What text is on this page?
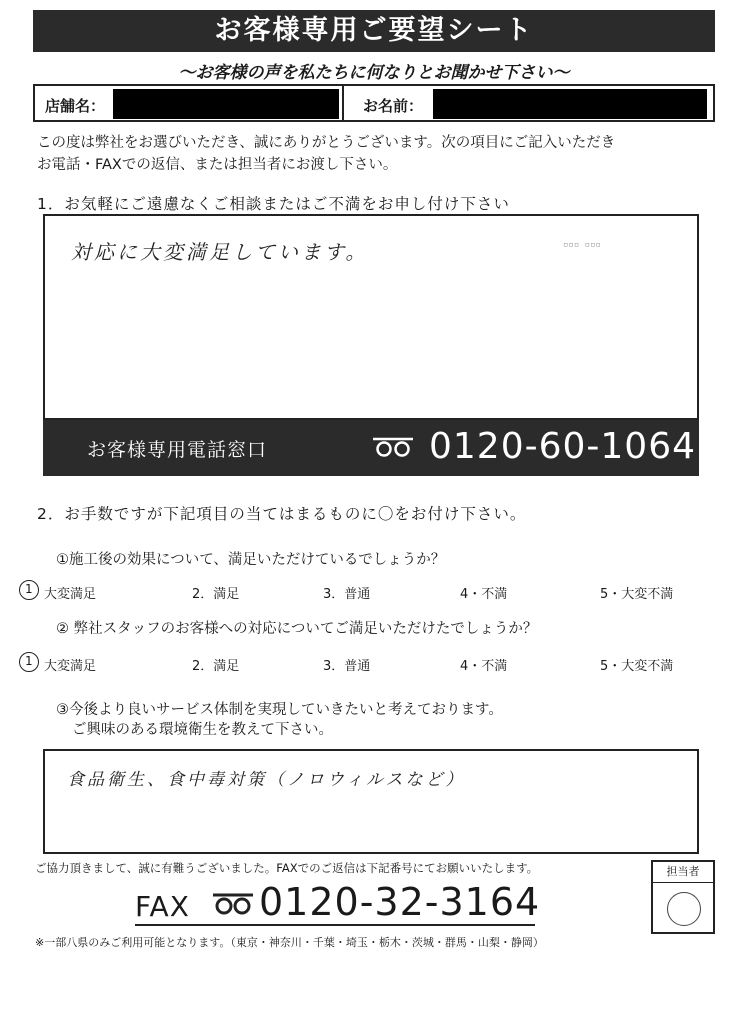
お客様専用ご要望シート
～お客様の声を私たちに何なりとお聞かせ下さい～
店舗名：	お名前：
この度は弊社をお選びいただき、誠にありがとうございます。次の項目にご記入いただき
お電話・FAXでの返信、または担当者にお渡し下さい。
1．お気軽にご遠慮なくご相談またはご不満をお申し付け下さい
対応に大変満足しています。	▫▫▫ ▫▫▫
お客様専用電話窓口	0120-60-1064
2．お手数ですが下記項目の当てはまるものに〇をお付け下さい。
①施工後の効果について、満足いただけているでしょうか？
1 大変満足	2．満足	3．普通	4・不満	5・大変不満
② 弊社スタッフのお客様への対応についてご満足いただけたでしょうか？
1 大変満足	2．満足	3．普通	4・不満	5・大変不満
③今後より良いサービス体制を実現していきたいと考えております。
ご興味のある環境衛生を教えて下さい。
食品衛生、食中毒対策（ノロウィルスなど）
ご協力頂きまして、誠に有難うございました。FAXでのご返信は下記番号にてお願いいたします。	担当者
FAX 0120-32-3164
※一部八県のみご利用可能となります。（東京・神奈川・千葉・埼玉・栃木・茨城・群馬・山梨・静岡）
